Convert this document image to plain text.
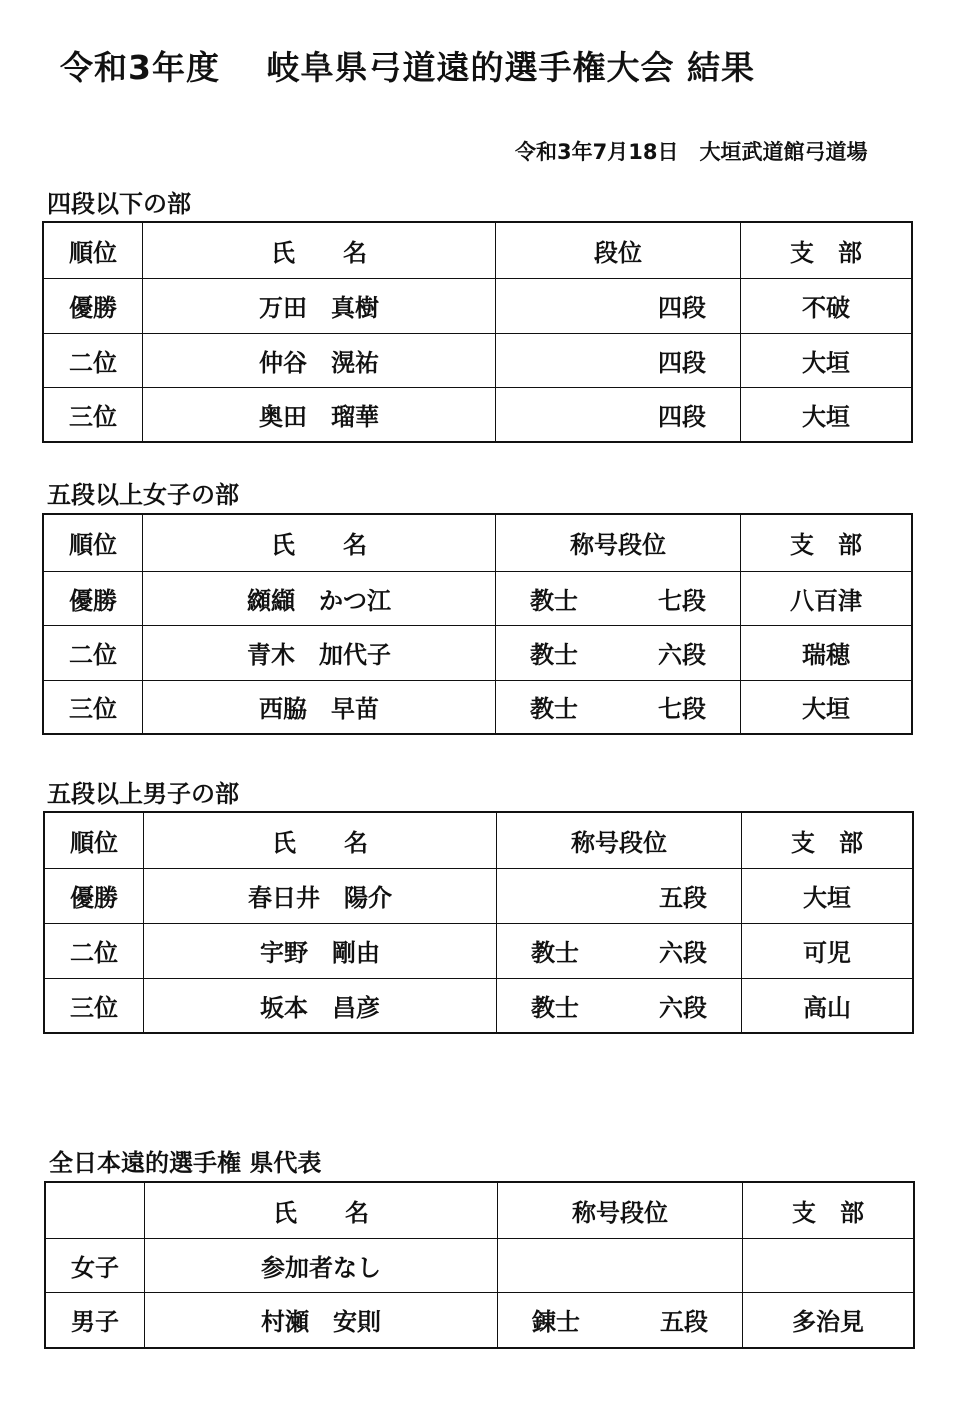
令和3年度　 岐阜県弓道遠的選手権大会 結果
令和3年7月18日　大垣武道館弓道場
四段以下の部
順位	氏　　名	段位	支　部
優勝	万田　真樹	四段	不破
二位	仲谷　滉祐	四段	大垣
三位	奥田　瑠華	四段	大垣
五段以上女子の部
順位	氏　　名	称号段位	支　部
優勝	纐纈　かつ江	教士 七段	八百津
二位	青木　加代子	教士 六段	瑞穂
三位	西脇　早苗	教士 七段	大垣
五段以上男子の部
順位	氏　　名	称号段位	支　部
優勝	春日井　陽介	五段	大垣
二位	宇野　剛由	教士 六段	可児
三位	坂本　昌彦	教士 六段	高山
全日本遠的選手権 県代表
	氏　　名	称号段位	支　部
女子	参加者なし	

男子	村瀬　安則	錬士 五段	多治見
